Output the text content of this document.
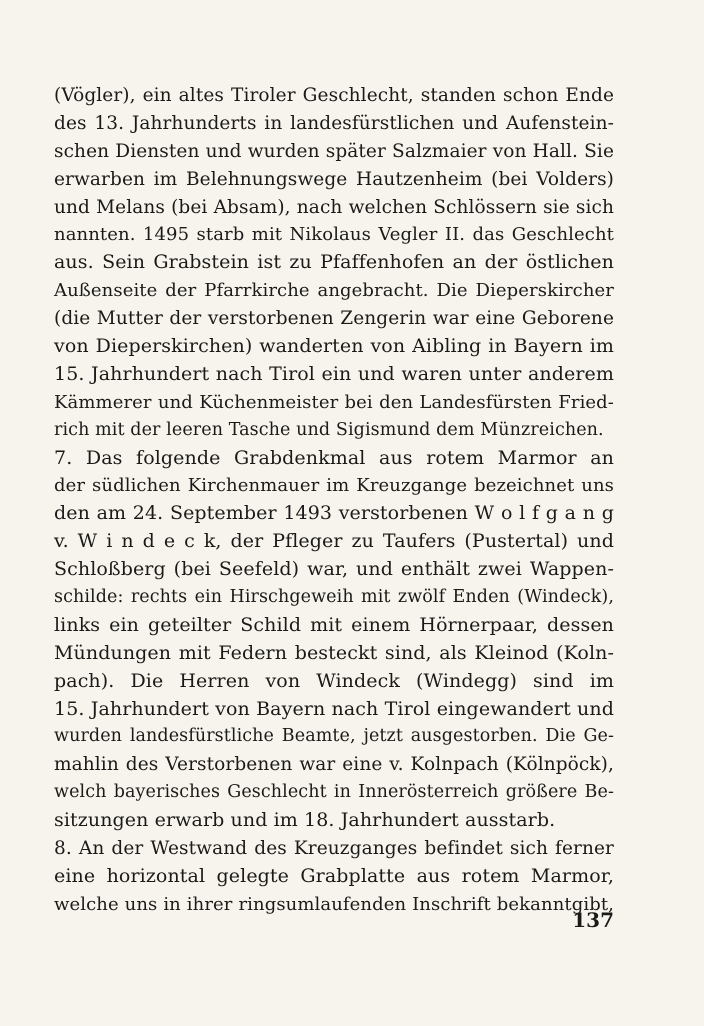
(Vögler), ein altes Tiroler Geschlecht, standen schon Ende
des 13. Jahrhunderts in landesfürstlichen und Aufenstein-
schen Diensten und wurden später Salzmaier von Hall. Sie
erwarben im Belehnungswege Hautzenheim (bei Volders)
und Melans (bei Absam), nach welchen Schlössern sie sich
nannten. 1495 starb mit Nikolaus Vegler II. das Geschlecht
aus. Sein Grabstein ist zu Pfaffenhofen an der östlichen
Außenseite der Pfarrkirche angebracht. Die Dieperskircher
(die Mutter der verstorbenen Zengerin war eine Geborene
von Dieperskirchen) wanderten von Aibling in Bayern im
15. Jahrhundert nach Tirol ein und waren unter anderem
Kämmerer und Küchenmeister bei den Landesfürsten Fried-
rich mit der leeren Tasche und Sigismund dem Münzreichen.
7. Das folgende Grabdenkmal aus rotem Marmor an
der südlichen Kirchenmauer im Kreuzgange bezeichnet uns
den am 24. September 1493 verstorbenen W o l f g a n g
v. W i n d e c k, der Pfleger zu Taufers (Pustertal) und
Schloßberg (bei Seefeld) war, und enthält zwei Wappen-
schilde: rechts ein Hirschgeweih mit zwölf Enden (Windeck),
links ein geteilter Schild mit einem Hörnerpaar, dessen
Mündungen mit Federn besteckt sind, als Kleinod (Koln-
pach). Die Herren von Windeck (Windegg) sind im
15. Jahrhundert von Bayern nach Tirol eingewandert und
wurden landesfürstliche Beamte, jetzt ausgestorben. Die Ge-
mahlin des Verstorbenen war eine v. Kolnpach (Kölnpöck),
welch bayerisches Geschlecht in Innerösterreich größere Be-
sitzungen erwarb und im 18. Jahrhundert ausstarb.
8. An der Westwand des Kreuzganges befindet sich ferner
eine horizontal gelegte Grabplatte aus rotem Marmor,
welche uns in ihrer ringsumlaufenden Inschrift bekanntgibt,
137
